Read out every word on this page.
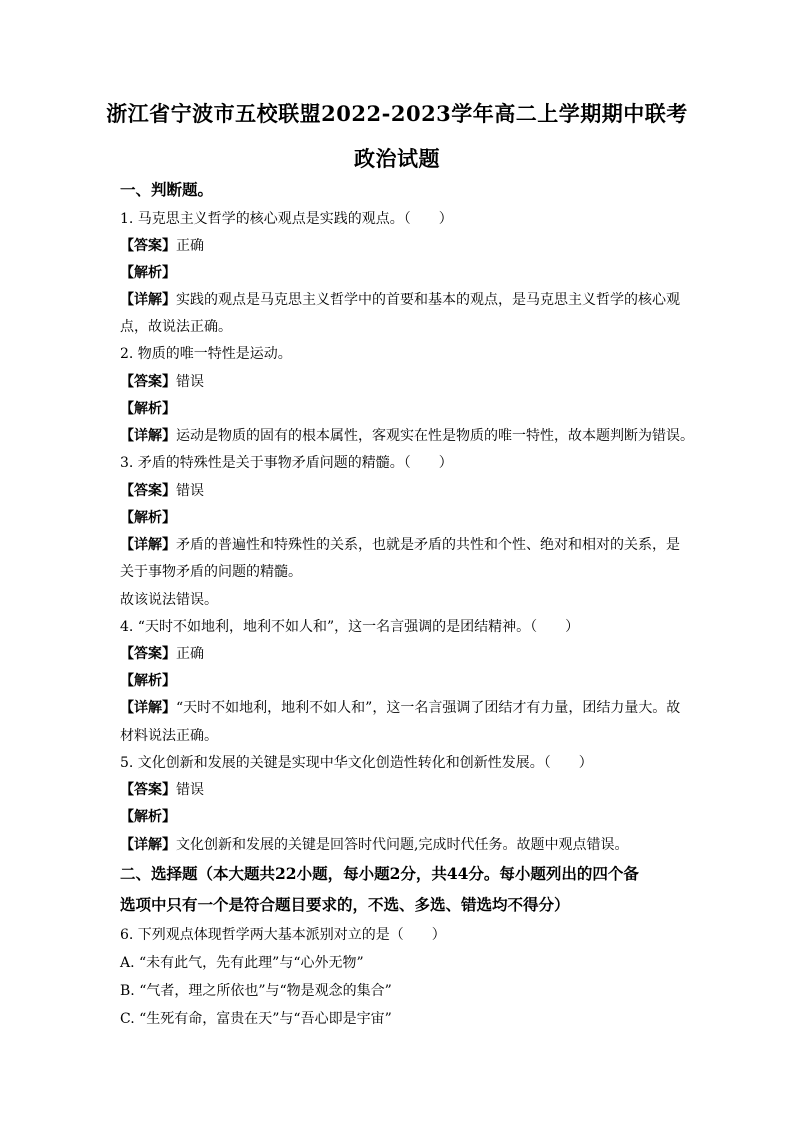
浙江省宁波市五校联盟2022-2023学年高二上学期期中联考
政治试题
一、判断题。
1. 马克思主义哲学的核心观点是实践的观点。（　　）
【答案】正确
【解析】
【详解】实践的观点是马克思主义哲学中的首要和基本的观点，是马克思主义哲学的核心观
点，故说法正确。
2. 物质的唯一特性是运动。
【答案】错误
【解析】
【详解】运动是物质的固有的根本属性，客观实在性是物质的唯一特性，故本题判断为错误。
3. 矛盾的特殊性是关于事物矛盾问题的精髓。（　　）
【答案】错误
【解析】
【详解】矛盾的普遍性和特殊性的关系，也就是矛盾的共性和个性、绝对和相对的关系，是
关于事物矛盾的问题的精髓。
故该说法错误。
4. “天时不如地利，地利不如人和”，这一名言强调的是团结精神。（　　）
【答案】正确
【解析】
【详解】“天时不如地利，地利不如人和”，这一名言强调了团结才有力量，团结力量大。故
材料说法正确。
5. 文化创新和发展的关键是实现中华文化创造性转化和创新性发展。（　　）
【答案】错误
【解析】
【详解】文化创新和发展的关键是回答时代问题,完成时代任务。故题中观点错误。
二、选择题（本大题共22小题，每小题2分，共44分。每小题列出的四个备
选项中只有一个是符合题目要求的，不选、多选、错选均不得分）
6. 下列观点体现哲学两大基本派别对立的是（　　）
A. “未有此气，先有此理”与“心外无物”
B. “气者，理之所依也”与“物是观念的集合”
C. “生死有命，富贵在天”与“吾心即是宇宙”
